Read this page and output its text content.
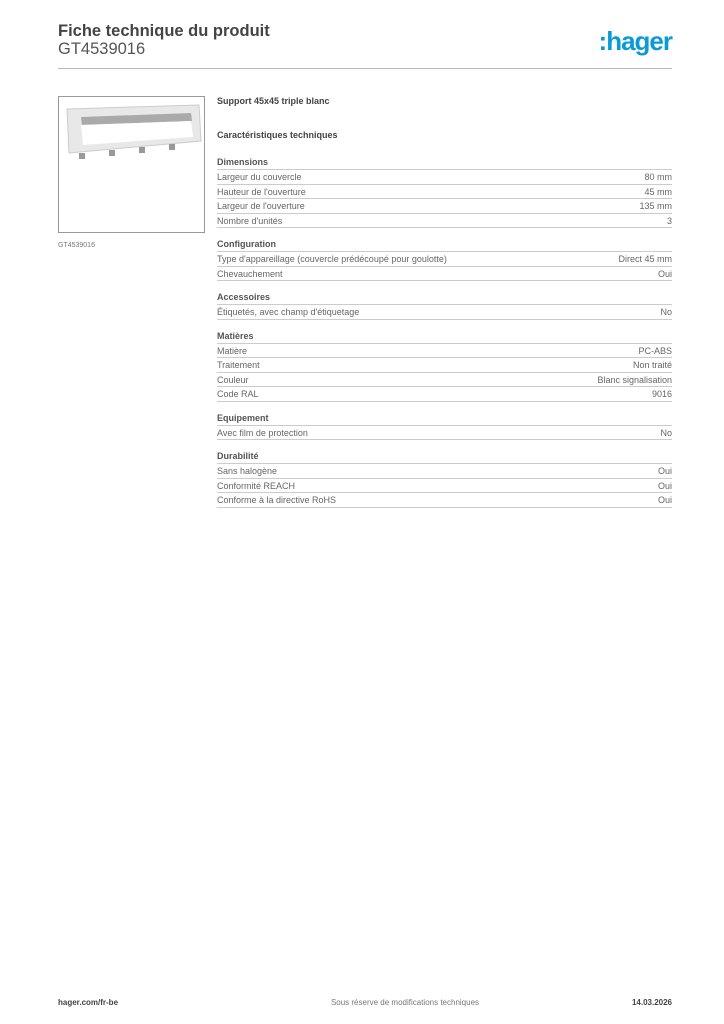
Fiche technique du produit
GT4539016	:hager
GT4539016
Support 45x45 triple blanc
Caractéristiques techniques
Dimensions
Largeur du couvercle	80 mm
Hauteur de l'ouverture	45 mm
Largeur de l'ouverture	135 mm
Nombre d'unités	3
Configuration
Type d'appareillage (couvercle prédécoupé pour goulotte)	Direct 45 mm
Chevauchement	Oui
Accessoires
Étiquetés, avec champ d'étiquetage	No
Matières
Matière	PC-ABS
Traitement	Non traité
Couleur	Blanc signalisation
Code RAL	9016
Equipement
Avec film de protection	No
Durabilité
Sans halogène	Oui
Conformité REACH	Oui
Conforme à la directive RoHS	Oui
hager.com/fr-be	Sous réserve de modifications techniques	14.03.2026
